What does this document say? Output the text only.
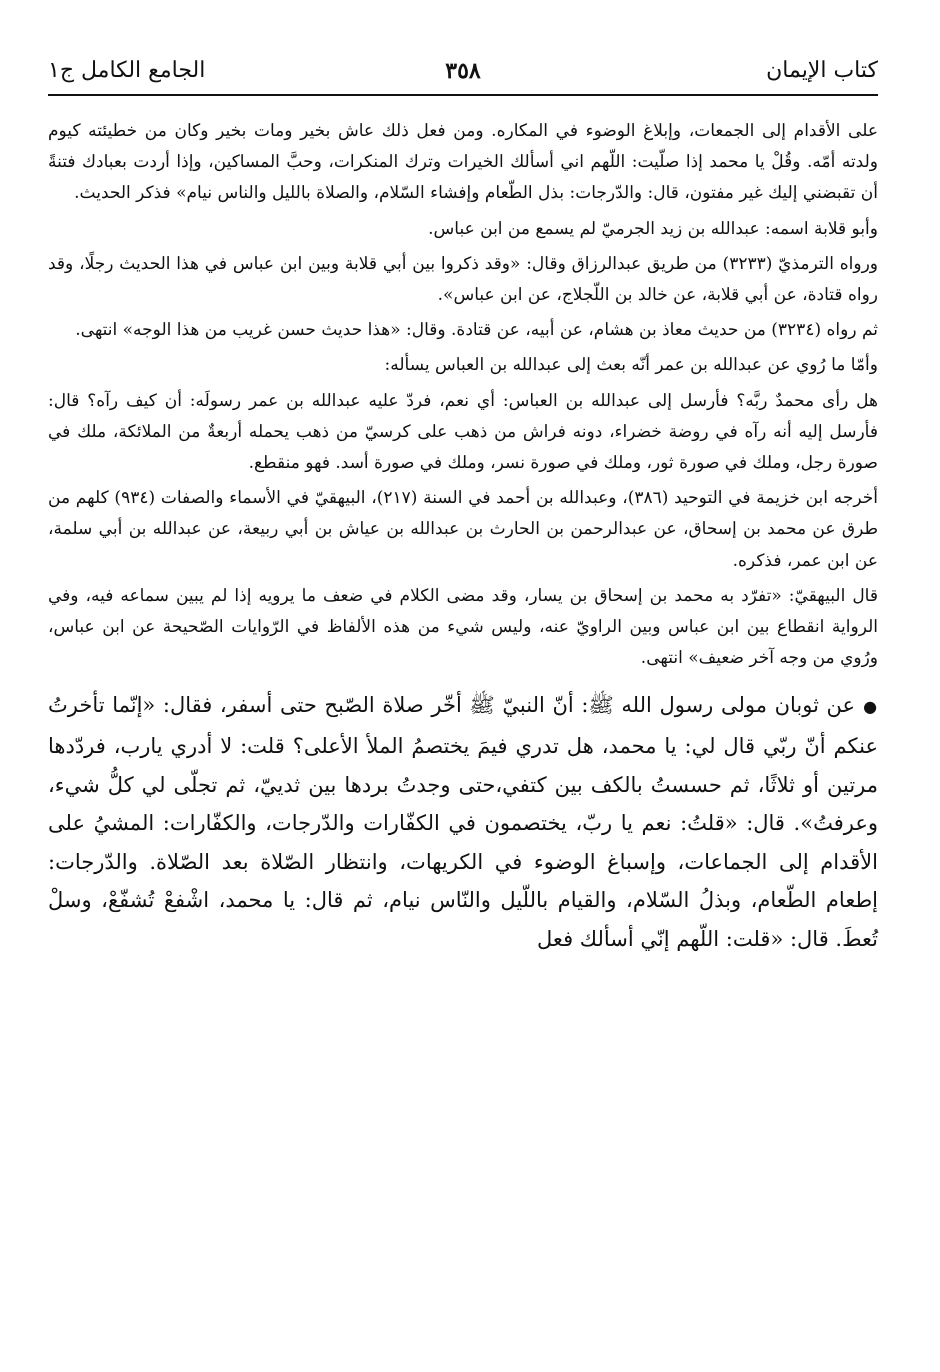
كتاب الإيمان
٣٥٨
الجامع الكامل ج١

على الأقدام إلى الجمعات، وإبلاغ الوضوء في المكاره. ومن فعل ذلك عاش بخير ومات بخير وكان من خطيئته كيوم ولدته أمّه. وقُلْ يا محمد إذا صلّيت: اللّهم اني أسألك الخيرات وترك المنكرات، وحبَّ المساكين، وإذا أردت بعبادك فتنةً أن تقبضني إليك غير مفتون، قال: والدّرجات: بذل الطّعام وإفشاء السّلام، والصلاة بالليل والناس نيام» فذكر الحديث.

وأبو قلابة اسمه: عبدالله بن زيد الجرميّ لم يسمع من ابن عباس.

ورواه الترمذيّ (٣٢٣٣) من طريق عبدالرزاق وقال: «وقد ذكروا بين أبي قلابة وبين ابن عباس في هذا الحديث رجلًا، وقد رواه قتادة، عن أبي قلابة، عن خالد بن اللّجلاج، عن ابن عباس».

ثم رواه (٣٢٣٤) من حديث معاذ بن هشام، عن أبيه، عن قتادة. وقال: «هذا حديث حسن غريب من هذا الوجه» انتهى.

وأمّا ما رُوي عن عبدالله بن عمر أنّه بعث إلى عبدالله بن العباس يسأله:

هل رأى محمدٌ ربَّه؟ فأرسل إلى عبدالله بن العباس: أي نعم، فردّ عليه عبدالله بن عمر رسولَه: أن كيف رآه؟ قال: فأرسل إليه أنه رآه في روضة خضراء، دونه فراش من ذهب على كرسيّ من ذهب يحمله أربعةٌ من الملائكة، ملك في صورة رجل، وملك في صورة ثور، وملك في صورة نسر، وملك في صورة أسد. فهو منقطع.

أخرجه ابن خزيمة في التوحيد (٣٨٦)، وعبدالله بن أحمد في السنة (٢١٧)، البيهقيّ في الأسماء والصفات (٩٣٤) كلهم من طرق عن محمد بن إسحاق، عن عبدالرحمن بن الحارث بن عبدالله بن عياش بن أبي ربيعة، عن عبدالله بن أبي سلمة، عن ابن عمر، فذكره.

قال البيهقيّ: «تفرّد به محمد بن إسحاق بن يسار، وقد مضى الكلام في ضعف ما يرويه إذا لم يبين سماعه فيه، وفي الرواية انقطاع بين ابن عباس وبين الراويّ عنه، وليس شيء من هذه الألفاظ في الرّوايات الصّحيحة عن ابن عباس، ورُوي من وجه آخر ضعيف» انتهى.

●عن ثوبان مولى رسول الله ﷺ: أنّ النبيّ ﷺ أخّر صلاة الصّبح حتى أسفر، فقال: «إنّما تأخرتُ عنكم أنّ ربّي قال لي: يا محمد، هل تدري فيمَ يختصمُ الملأ الأعلى؟ قلت: لا أدري يارب، فردّدها مرتين أو ثلاثًا، ثم حسستُ بالكف بين كتفي،حتى وجدتُ بردها بين ثدييّ، ثم تجلّى لي كلُّ شيء، وعرفتُ». قال: «قلتُ: نعم يا ربّ، يختصمون في الكفّارات والدّرجات، والكفّارات: المشيُ على الأقدام إلى الجماعات، وإسباغ الوضوء في الكريهات، وانتظار الصّلاة بعد الصّلاة. والدّرجات: إطعام الطّعام، وبذلُ السّلام، والقيام باللّيل والنّاس نيام، ثم قال: يا محمد، اشْفعْ تُشفّعْ، وسلْ تُعطَ. قال: «قلت: اللّهم إنّي أسألك فعل
